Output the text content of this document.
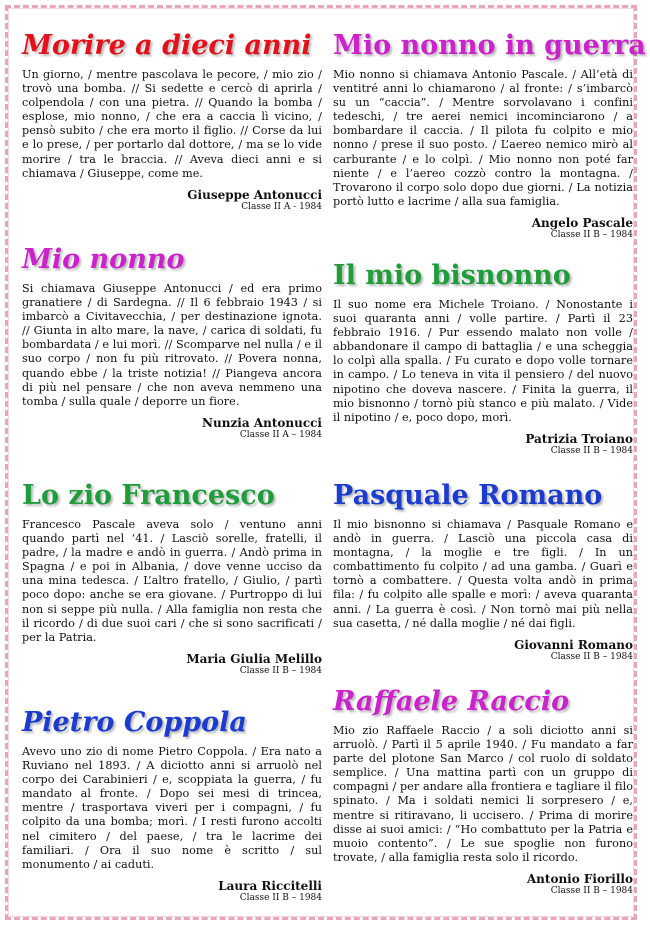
Morire a dieci anni

Un giorno, / mentre pascolava le pecore, / mio zio / trovò una bomba. // Si sedette e cercò di aprirla / colpendola / con una pietra. // Quando la bomba / esplose, mio nonno, / che era a caccia lì vicino, / pensò subito / che era morto il figlio. // Corse da lui e lo prese, / per portarlo dal dottore, / ma se lo vide morire / tra le braccia. // Aveva dieci anni e si chiamava / Giuseppe, come me.

Giuseppe Antonucci
Classe II A - 1984
Mio nonno

Si chiamava Giuseppe Antonucci / ed era primo granatiere / di Sardegna. // Il 6 febbraio 1943 / si imbarcò a Civitavecchia, / per destinazione ignota. // Giunta in alto mare, la nave, / carica di soldati, fu bombardata / e lui morì. // Scomparve nel nulla / e il suo corpo / non fu più ritrovato. // Povera nonna, quando ebbe / la triste notizia! // Piangeva ancora di più nel pensare / che non aveva nemmeno una tomba / sulla quale / deporre un fiore.

Nunzia Antonucci
Classe II A – 1984
Lo zio Francesco

Francesco Pascale aveva solo / ventuno anni quando partì nel ‘41. / Lasciò sorelle, fratelli, il padre, / la madre e andò in guerra. / Andò prima in Spagna / e poi in Albania, / dove venne ucciso da una mina tedesca. / L’altro fratello, / Giulio, / partì poco dopo: anche se era giovane. / Purtroppo di lui non si seppe più nulla. / Alla famiglia non resta che il ricordo / di due suoi cari / che si sono sacrificati / per la Patria.

Maria Giulia Melillo
Classe II B – 1984
Pietro Coppola

Avevo uno zio di nome Pietro Coppola. / Era nato a Ruviano nel 1893. / A diciotto anni si arruolò nel corpo dei Carabinieri / e, scoppiata la guerra, / fu mandato al fronte. / Dopo sei mesi di trincea, mentre / trasportava viveri per i compagni, / fu colpito da una bomba; morì. / I resti furono accolti nel cimitero / del paese, / tra le lacrime dei familiari. / Ora il suo nome è scritto / sul monumento / ai caduti.

Laura Riccitelli
Classe II B – 1984
Mio nonno in guerra

Mio nonno si chiamava Antonio Pascale. / All’età di ventitré anni lo chiamarono / al fronte: / s’imbarcò su un “caccia”. / Mentre sorvolavano i confini tedeschi, / tre aerei nemici incominciarono / a bombardare il caccia. / Il pilota fu colpito e mio nonno / prese il suo posto. / L’aereo nemico mirò al carburante / e lo colpì. / Mio nonno non poté far niente / e l’aereo cozzò contro la montagna. / Trovarono il corpo solo dopo due giorni. / La notizia portò lutto e lacrime / alla sua famiglia.

Angelo Pascale
Classe II B – 1984
Il mio bisnonno

Il suo nome era Michele Troiano. / Nonostante i suoi quaranta anni / volle partire. / Partì il 23 febbraio 1916. / Pur essendo malato non volle / abbandonare il campo di battaglia / e una scheggia lo colpì alla spalla. / Fu curato e dopo volle tornare in campo. / Lo teneva in vita il pensiero / del nuovo nipotino che doveva nascere. / Finita la guerra, il mio bisnonno / tornò più stanco e più malato. / Vide il nipotino / e, poco dopo, morì.

Patrizia Troiano
Classe II B – 1984
Pasquale Romano

Il mio bisnonno si chiamava / Pasquale Romano e andò in guerra. / Lasciò una piccola casa di montagna, / la moglie e tre figli. / In un combattimento fu colpito / ad una gamba. / Guarì e tornò a combattere. / Questa volta andò in prima fila: / fu colpito alle spalle e morì: / aveva quaranta anni. / La guerra è così. / Non tornò mai più nella sua casetta, / né dalla moglie / né dai figli.

Giovanni Romano
Classe II B – 1984
Raffaele Raccio

Mio zio Raffaele Raccio / a soli diciotto anni si arruolò. / Partì il 5 aprile 1940. / Fu mandato a far parte del plotone San Marco / col ruolo di soldato semplice. / Una mattina partì con un gruppo di compagni / per andare alla frontiera e tagliare il filo spinato. / Ma i soldati nemici li sorpresero / e, mentre si ritiravano, li uccisero. / Prima di morire disse ai suoi amici: / “Ho combattuto per la Patria e muoio contento”. / Le sue spoglie non furono trovate, / alla famiglia resta solo il ricordo.

Antonio Fiorillo
Classe II B – 1984
